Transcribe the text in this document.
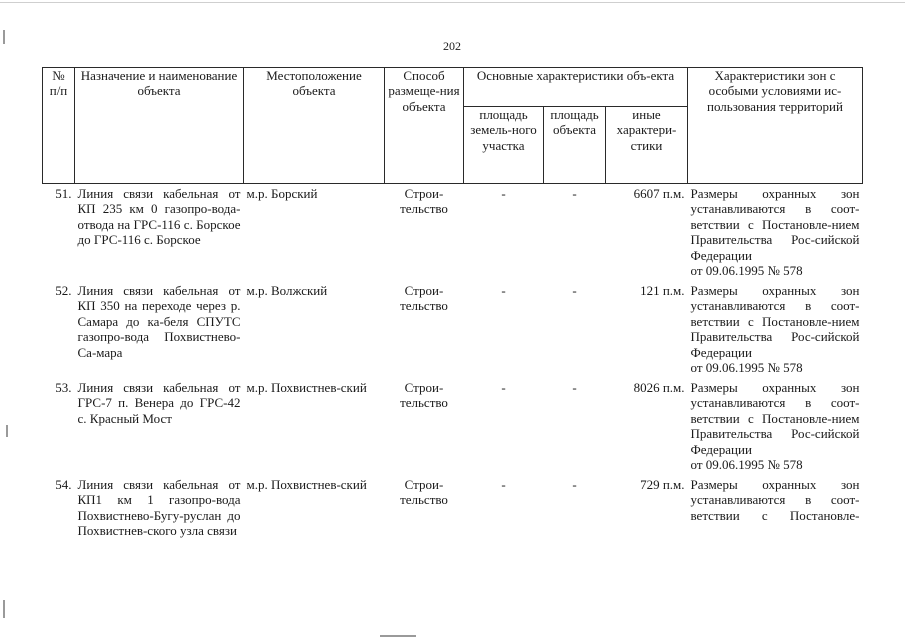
202
№ п/п	Назначение и наименование объекта	Местоположение объекта	Способ размеще-ния объекта	Основные характеристики объ-екта			Характеристики зон с особыми условиями ис-пользования территорий
				площадь земель-ного участка	площадь объекта	иные характери-стики	
51.	Линия связи кабельная от КП 235 км 0 газопро-вода-отвода на ГРС-116 с. Борское до ГРС-116 с. Борское	м.р. Борский	Строи-тельство	-	-	6607 п.м.	Размеры охранных зон устанавливаются в соот-ветствии с Постановле-нием Правительства Рос-сийской Федерации
от 09.06.1995 № 578

52.	Линия связи кабельная от КП 350 на переходе через р. Самара до ка-беля СПУТС газопро-вода Похвистнево-Са-мара	м.р. Волжский	Строи-тельство	-	-	121 п.м.	Размеры охранных зон устанавливаются в соот-ветствии с Постановле-нием Правительства Рос-сийской Федерации
от 09.06.1995 № 578

53.	Линия связи кабельная от ГРС-7 п. Венера до ГРС-42 с. Красный Мост	м.р. Похвистнев-ский	Строи-тельство	-	-	8026 п.м.	Размеры охранных зон устанавливаются в соот-ветствии с Постановле-нием Правительства Рос-сийской Федерации
от 09.06.1995 № 578

54.	Линия связи кабельная от КП1 км 1 газопро-вода Похвистнево-Бугу-руслан до Похвистнев-ского узла связи	м.р. Похвистнев-ский	Строи-тельство	-	-	729 п.м.	Размеры охранных зон устанавливаются в соот-ветствии с Постановле-
